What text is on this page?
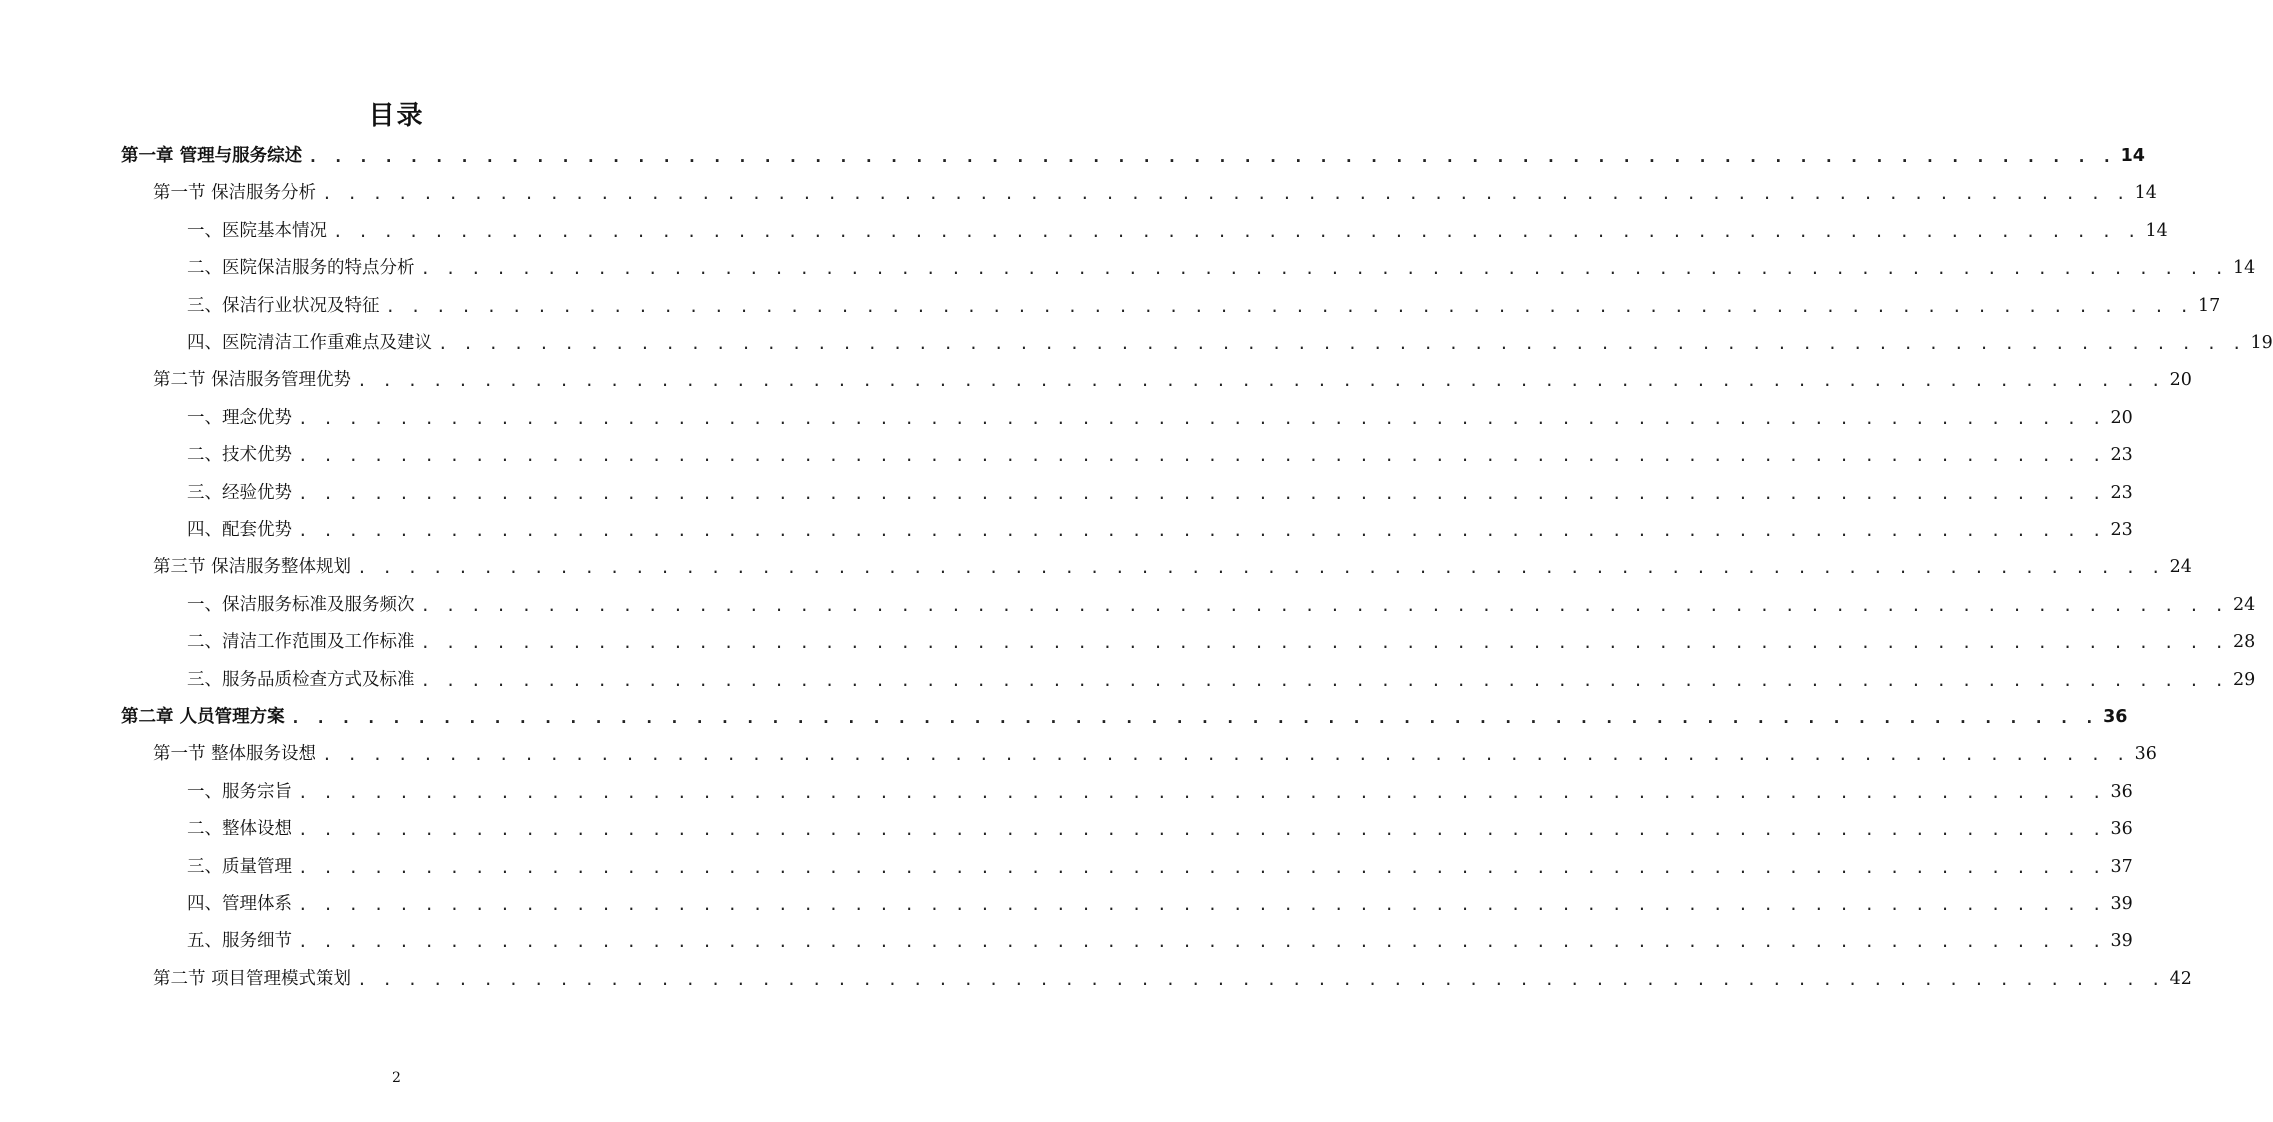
目录
第一章 管理与服务综述 . . . . . . . . . . . . . . . . . . . . . . . . . . . . . . . . . . . . . . . . . . . . . . . . . . . . . . . . . . . . . . . . . . . . . . . . 14
第一节 保洁服务分析 . . . . . . . . . . . . . . . . . . . . . . . . . . . . . . . . . . . . . . . . . . . . . . . . . . . . . . . . . . . . . . . . . . . . . . . . 14
一、医院基本情况 . . . . . . . . . . . . . . . . . . . . . . . . . . . . . . . . . . . . . . . . . . . . . . . . . . . . . . . . . . . . . . . . . . . . . . . . 14
二、医院保洁服务的特点分析 . . . . . . . . . . . . . . . . . . . . . . . . . . . . . . . . . . . . . . . . . . . . . . . . . . . . . . . . . . . . . . . . . . . . . . . . 14
三、保洁行业状况及特征 . . . . . . . . . . . . . . . . . . . . . . . . . . . . . . . . . . . . . . . . . . . . . . . . . . . . . . . . . . . . . . . . . . . . . . . . 17
四、医院清洁工作重难点及建议 . . . . . . . . . . . . . . . . . . . . . . . . . . . . . . . . . . . . . . . . . . . . . . . . . . . . . . . . . . . . . . . . . . . . . . . . 19
第二节 保洁服务管理优势 . . . . . . . . . . . . . . . . . . . . . . . . . . . . . . . . . . . . . . . . . . . . . . . . . . . . . . . . . . . . . . . . . . . . . . . . 20
一、理念优势 . . . . . . . . . . . . . . . . . . . . . . . . . . . . . . . . . . . . . . . . . . . . . . . . . . . . . . . . . . . . . . . . . . . . . . . . 20
二、技术优势 . . . . . . . . . . . . . . . . . . . . . . . . . . . . . . . . . . . . . . . . . . . . . . . . . . . . . . . . . . . . . . . . . . . . . . . . 23
三、经验优势 . . . . . . . . . . . . . . . . . . . . . . . . . . . . . . . . . . . . . . . . . . . . . . . . . . . . . . . . . . . . . . . . . . . . . . . . 23
四、配套优势 . . . . . . . . . . . . . . . . . . . . . . . . . . . . . . . . . . . . . . . . . . . . . . . . . . . . . . . . . . . . . . . . . . . . . . . . 23
第三节 保洁服务整体规划 . . . . . . . . . . . . . . . . . . . . . . . . . . . . . . . . . . . . . . . . . . . . . . . . . . . . . . . . . . . . . . . . . . . . . . . . 24
一、保洁服务标准及服务频次 . . . . . . . . . . . . . . . . . . . . . . . . . . . . . . . . . . . . . . . . . . . . . . . . . . . . . . . . . . . . . . . . . . . . . . . . 24
二、清洁工作范围及工作标准 . . . . . . . . . . . . . . . . . . . . . . . . . . . . . . . . . . . . . . . . . . . . . . . . . . . . . . . . . . . . . . . . . . . . . . . . 28
三、服务品质检查方式及标准 . . . . . . . . . . . . . . . . . . . . . . . . . . . . . . . . . . . . . . . . . . . . . . . . . . . . . . . . . . . . . . . . . . . . . . . . 29
第二章 人员管理方案 . . . . . . . . . . . . . . . . . . . . . . . . . . . . . . . . . . . . . . . . . . . . . . . . . . . . . . . . . . . . . . . . . . . . . . . . 36
第一节 整体服务设想 . . . . . . . . . . . . . . . . . . . . . . . . . . . . . . . . . . . . . . . . . . . . . . . . . . . . . . . . . . . . . . . . . . . . . . . . 36
一、服务宗旨 . . . . . . . . . . . . . . . . . . . . . . . . . . . . . . . . . . . . . . . . . . . . . . . . . . . . . . . . . . . . . . . . . . . . . . . . 36
二、整体设想 . . . . . . . . . . . . . . . . . . . . . . . . . . . . . . . . . . . . . . . . . . . . . . . . . . . . . . . . . . . . . . . . . . . . . . . . 36
三、质量管理 . . . . . . . . . . . . . . . . . . . . . . . . . . . . . . . . . . . . . . . . . . . . . . . . . . . . . . . . . . . . . . . . . . . . . . . . 37
四、管理体系 . . . . . . . . . . . . . . . . . . . . . . . . . . . . . . . . . . . . . . . . . . . . . . . . . . . . . . . . . . . . . . . . . . . . . . . . 39
五、服务细节 . . . . . . . . . . . . . . . . . . . . . . . . . . . . . . . . . . . . . . . . . . . . . . . . . . . . . . . . . . . . . . . . . . . . . . . . 39
第二节 项目管理模式策划 . . . . . . . . . . . . . . . . . . . . . . . . . . . . . . . . . . . . . . . . . . . . . . . . . . . . . . . . . . . . . . . . . . . . . . . . 42
2
